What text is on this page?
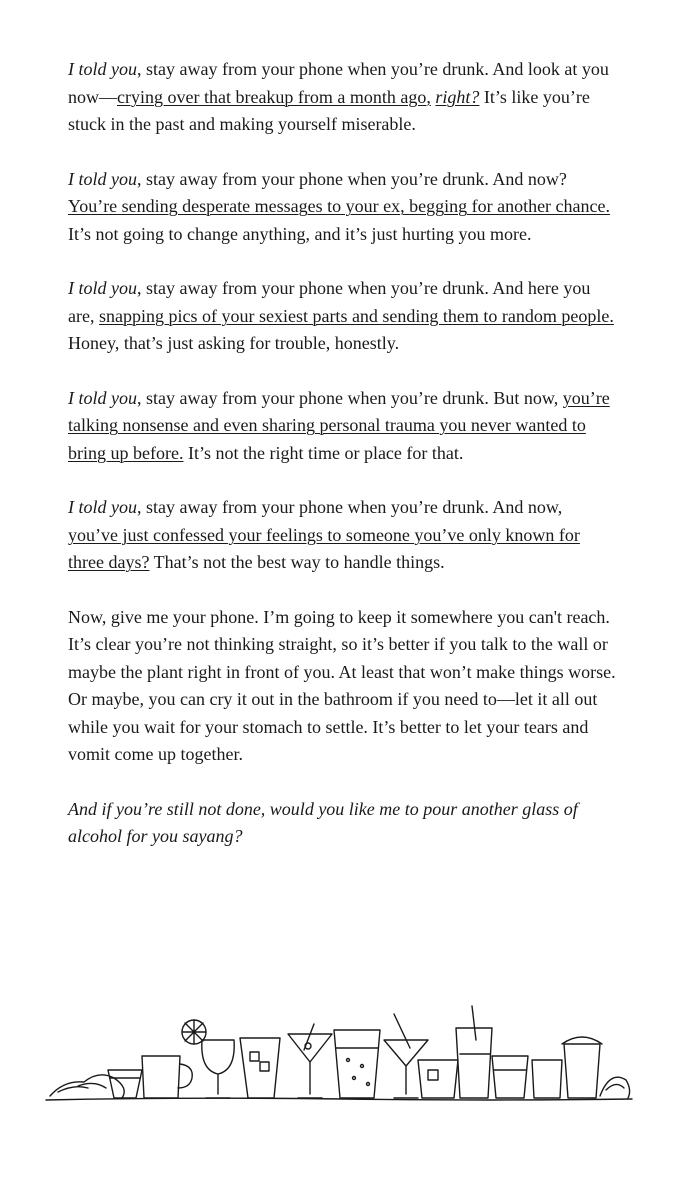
I told you, stay away from your phone when you’re drunk. And look at you now—crying over that breakup from a month ago, right? It’s like you’re stuck in the past and making yourself miserable.

I told you, stay away from your phone when you’re drunk. And now? You’re sending desperate messages to your ex, begging for another chance. It’s not going to change anything, and it’s just hurting you more.

I told you, stay away from your phone when you’re drunk. And here you are, snapping pics of your sexiest parts and sending them to random people. Honey, that’s just asking for trouble, honestly.

I told you, stay away from your phone when you’re drunk. But now, you’re talking nonsense and even sharing personal trauma you never wanted to bring up before. It’s not the right time or place for that.

I told you, stay away from your phone when you’re drunk. And now, you’ve just confessed your feelings to someone you’ve only known for three days? That’s not the best way to handle things.

Now, give me your phone. I’m going to keep it somewhere you can't reach. It’s clear you’re not thinking straight, so it’s better if you talk to the wall or maybe the plant right in front of you. At least that won’t make things worse. Or maybe, you can cry it out in the bathroom if you need to—let it all out while you wait for your stomach to settle. It’s better to let your tears and vomit come up together.

And if you’re still not done, would you like me to pour another glass of alcohol for you sayang?
